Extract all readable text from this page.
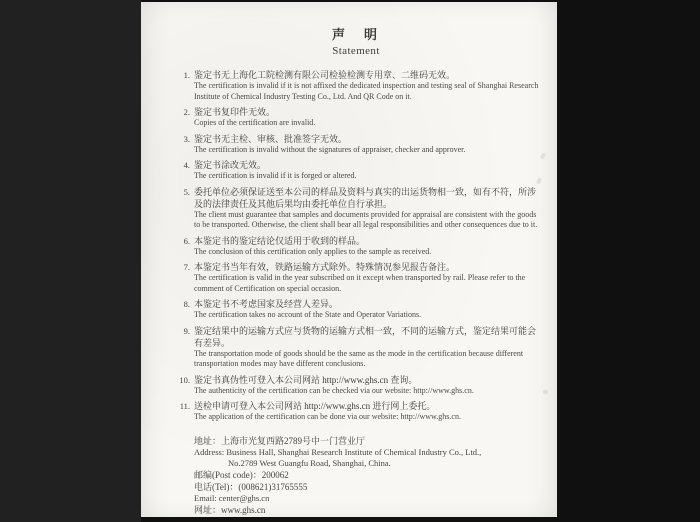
声　明
Statement
1. 鉴定书无上海化工院检测有限公司检验检测专用章、二维码无效。
The certification is invalid if it is not affixed the dedicated inspection and testing seal of Shanghai Research Institute of Chemical Industry Testing Co., Ltd. And QR Code on it.
2. 鉴定书复印件无效。
Copies of the certification are invalid.
3. 鉴定书无主检、审核、批准签字无效。
The certification is invalid without the signatures of appraiser, checker and approver.
4. 鉴定书涂改无效。
The certification is invalid if it is forged or altered.
5. 委托单位必须保证送至本公司的样品及资料与真实的出运货物相一致，如有不符，所涉及的法律责任及其他后果均由委托单位自行承担。
The client must guarantee that samples and documents provided for appraisal are consistent with the goods to be transported. Otherwise, the client shall bear all legal responsibilities and other consequences due to it.
6. 本鉴定书的鉴定结论仅适用于收到的样品。
The conclusion of this certification only applies to the sample as received.
7. 本鉴定书当年有效，铁路运输方式除外。特殊情况参见报告备注。
The certification is valid in the year subscribed on it except when transported by rail. Please refer to the comment of Certification on special occasion.
8. 本鉴定书不考虑国家及经营人差异。
The certification takes no account of the State and Operator Variations.
9. 鉴定结果中的运输方式应与货物的运输方式相一致，不同的运输方式，鉴定结果可能会有差异。
The transportation mode of goods should be the same as the mode in the certification because different transportation modes may have different conclusions.
10. 鉴定书真伪性可登入本公司网站 http://www.ghs.cn 查询。
The authenticity of the certification can be checked via our website: http://www.ghs.cn.
11. 送检申请可登入本公司网站 http://www.ghs.cn 进行网上委托。
The application of the certification can be done via our website: http://www.ghs.cn.
地址：上海市光复西路2789号中一门营业厅
Address: Business Hall, Shanghai Research Institute of Chemical Industry Co., Ltd.,
No.2789 West Guangfu Road, Shanghai, China.
邮编(Post code)：200062
电话(Tel)：(008621)31765555
Email: center@ghs.cn
网址：www.ghs.cn
